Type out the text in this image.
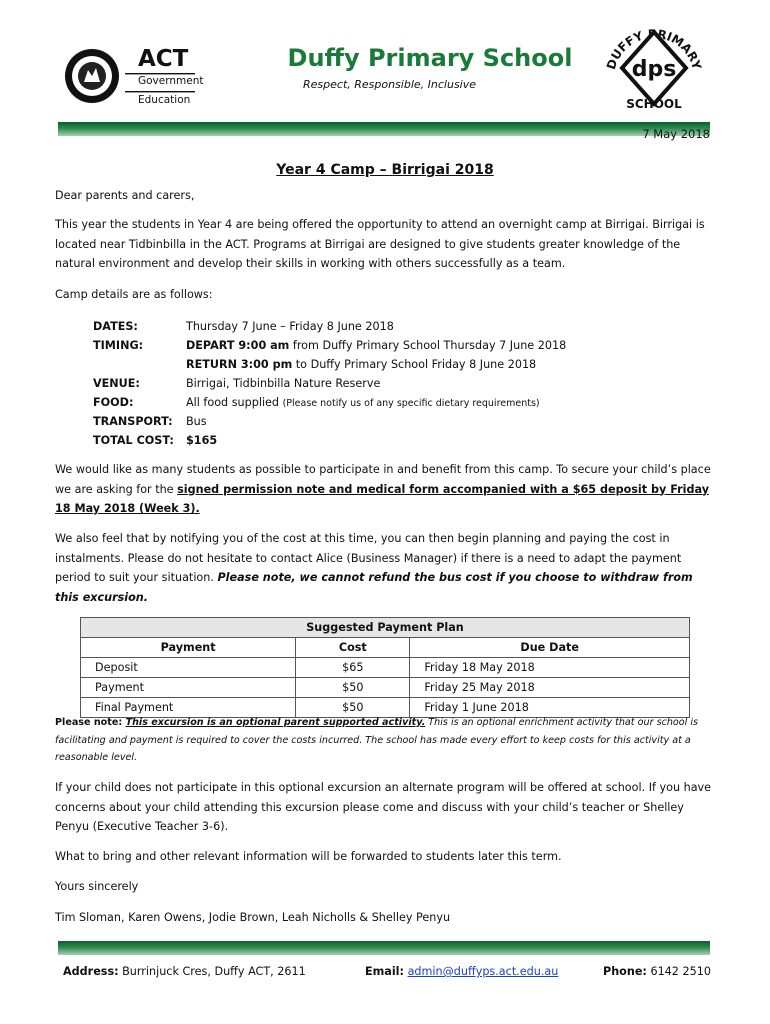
ACT
Government
Education
Duffy Primary School
Respect, Responsible, Inclusive
UFFY PRIMAR
dps
SCHOOL
7 May 2018
Year 4 Camp – Birrigai 2018

Dear parents and carers,

This year the students in Year 4 are being offered the opportunity to attend an overnight camp at Birrigai. Birrigai is located near Tidbinbilla in the ACT. Programs at Birrigai are designed to give students greater knowledge of the natural environment and develop their skills in working with others successfully as a team.

Camp details are as follows:

DATES:	Thursday 7 June – Friday 8 June 2018
TIMING:	DEPART 9:00 am from Duffy Primary School Thursday 7 June 2018
	RETURN 3:00 pm to Duffy Primary School Friday 8 June 2018
VENUE:	Birrigai, Tidbinbilla Nature Reserve
FOOD:	All food supplied (Please notify us of any specific dietary requirements)
TRANSPORT:	Bus
TOTAL COST:	$165

We would like as many students as possible to participate in and benefit from this camp. To secure your child’s place we are asking for the signed permission note and medical form accompanied with a $65 deposit by Friday 18 May 2018 (Week 3).

We also feel that by notifying you of the cost at this time, you can then begin planning and paying the cost in instalments. Please do not hesitate to contact Alice (Business Manager) if there is a need to adapt the payment period to suit your situation. Please note, we cannot refund the bus cost if you choose to withdraw from this excursion.

Suggested Payment Plan		
Payment	Cost	Due Date
Deposit	$65	Friday 18 May 2018
Payment	$50	Friday 25 May 2018
Final Payment	$50	Friday 1 June 2018
Please note: This excursion is an optional parent supported activity. This is an optional enrichment activity that our school is facilitating and payment is required to cover the costs incurred. The school has made every effort to keep costs for this activity at a reasonable level.

If your child does not participate in this optional excursion an alternate program will be offered at school. If you have concerns about your child attending this excursion please come and discuss with your child’s teacher or Shelley Penyu (Executive Teacher 3-6).

What to bring and other relevant information will be forwarded to students later this term.

Yours sincerely

Tim Sloman, Karen Owens, Jodie Brown, Leah Nicholls & Shelley Penyu

Address: Burrinjuck Cres, Duffy ACT, 2611	Email: admin@duffyps.act.edu.au	Phone: 6142 2510
